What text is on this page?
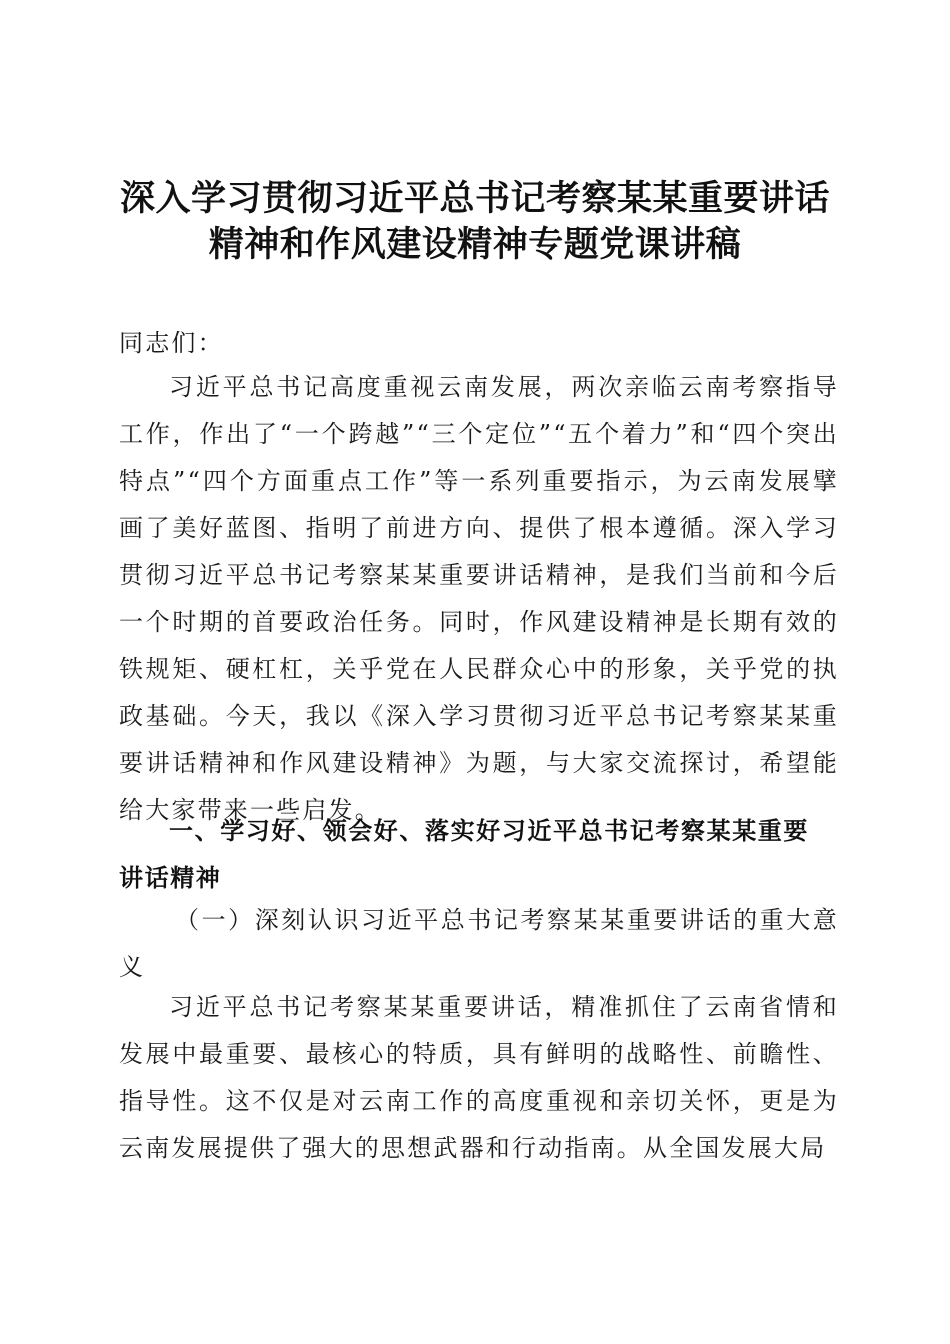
深入学习贯彻习近平总书记考察某某重要讲话
精神和作风建设精神专题党课讲稿
同志们：
习近平总书记高度重视云南发展，两次亲临云南考察指导工作，作出了“一个跨越”“三个定位”“五个着力”和“四个突出特点”“四个方面重点工作”等一系列重要指示，为云南发展擘画了美好蓝图、指明了前进方向、提供了根本遵循。深入学习贯彻习近平总书记考察某某重要讲话精神，是我们当前和今后一个时期的首要政治任务。同时，作风建设精神是长期有效的铁规矩、硬杠杠，关乎党在人民群众心中的形象，关乎党的执政基础。今天，我以《深入学习贯彻习近平总书记考察某某重要讲话精神和作风建设精神》为题，与大家交流探讨，希望能给大家带来一些启发。
一、学习好、领会好、落实好习近平总书记考察某某重要讲话精神
（一）深刻认识习近平总书记考察某某重要讲话的重大意义
习近平总书记考察某某重要讲话，精准抓住了云南省情和发展中最重要、最核心的特质，具有鲜明的战略性、前瞻性、指导性。这不仅是对云南工作的高度重视和亲切关怀，更是为云南发展提供了强大的思想武器和行动指南。从全国发展大局
